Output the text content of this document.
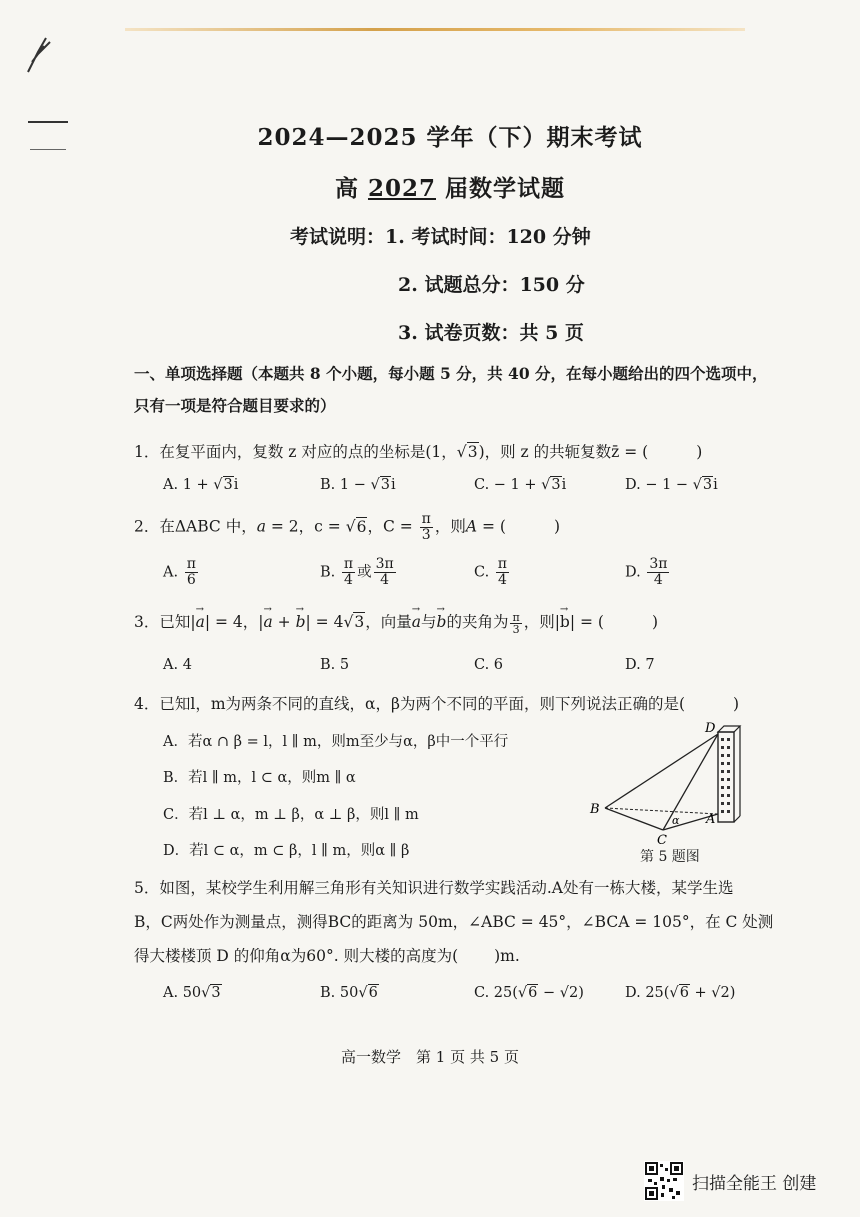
2024—2025 学年（下）期末考试
高 2027 届数学试题
考试说明：1. 考试时间：120 分钟
2. 试题总分：150 分
3. 试卷页数：共 5 页
一、单项选择题（本题共 8 个小题，每小题 5 分，共 40 分，在每小题给出的四个选项中，
只有一项是符合题目要求的）
1．在复平面内，复数 z 对应的点的坐标是(1，√3)，则 z 的共轭复数z̄ = (	)
A. 1 + √3i	B. 1 − √3i	C. − 1 + √3i	D. − 1 − √3i
2．在ΔABC 中，a = 2，c = √6，$C = \frac{\pi}{3}$ ，则A = (	)
A. $\frac{\pi}{6}$	B. $\frac{\pi}{4}$ 或 $\frac{3\pi}{4}$	C. $\frac{\pi}{4}$	D. $\frac{3\pi}{4}$
3．已知|a →| = 4，|a → + b →| = 4√3，向量a →与b →的夹角为 $\frac{\pi}{3}$ ，则|b →| = (	)
A. 4	B. 5	C. 6	D. 7
4．已知l，m为两条不同的直线，α，β为两个不同的平面，则下列说法正确的是(	)
A．若α ∩ β = l，l ∥ m，则m至少与α，β中一个平行
B．若l ∥ m，l ⊂ α，则m ∥ α
C．若l ⊥ α，m ⊥ β，α ⊥ β，则l ∥ m
D．若l ⊂ α，m ⊂ β，l ∥ m，则α ∥ β
D
B
C
A
α
第 5 题图
5．如图，某校学生利用解三角形有关知识进行数学实践活动.A处有一栋大楼，某学生选
B，C两处作为测量点，测得BC的距离为 50m，∠ABC = 45°，∠BCA = 105°，在 C 处测
得大楼楼顶 D 的仰角α为60°. 则大楼的高度为( )m.
A. 50√3	B. 50√6	C. 25(√6 − √2)	D. 25(√6 + √2)
高一数学　第 1 页 共 5 页
扫描全能王 创建
